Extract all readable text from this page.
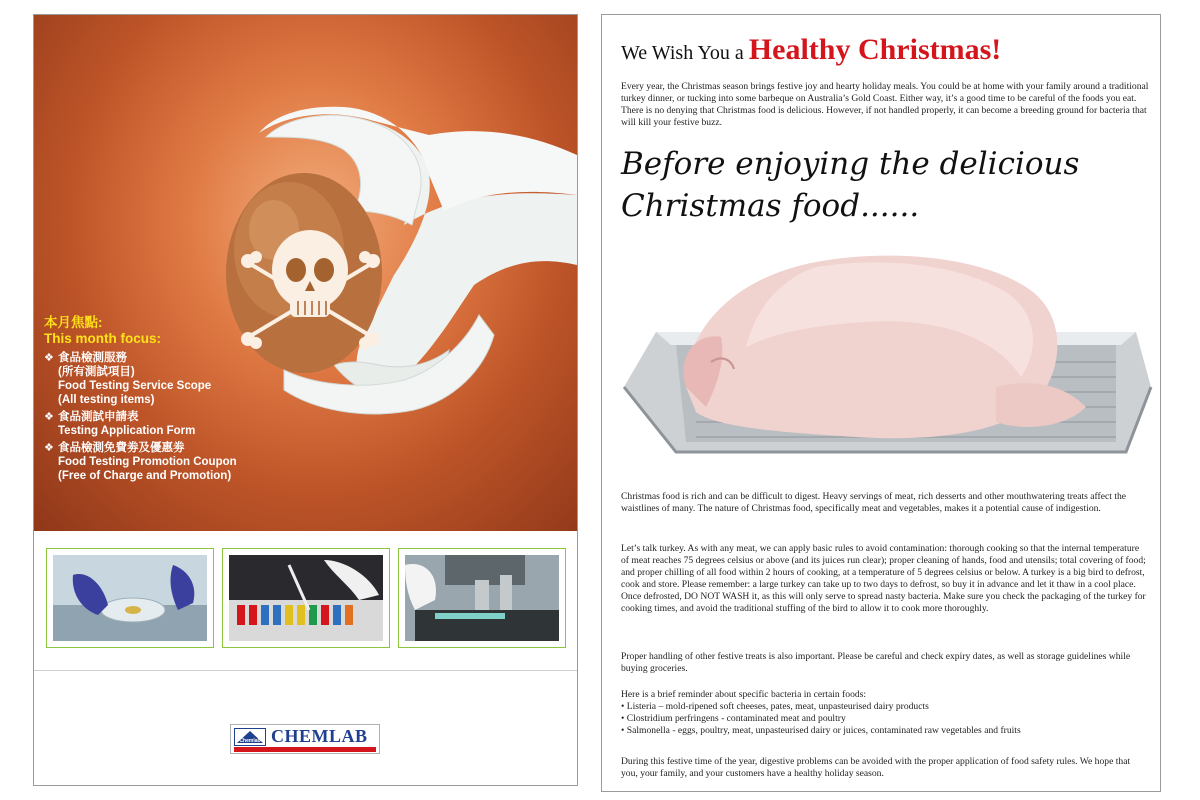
本月焦點:
This month focus:
❖ 食品檢測服務
(所有測試項目)
Food Testing Service Scope
(All testing items)
❖ 食品測試申請表
Testing Application Form
❖ 食品檢測免費劵及優惠劵
Food Testing Promotion Coupon
(Free of Charge and Promotion)
Chemlab CHEMLAB
We Wish You a Healthy Christmas!
Every year, the Christmas season brings festive joy and hearty holiday meals. You could be at home with your family around a traditional turkey dinner, or tucking into some barbeque on Australia’s Gold Coast. Either way, it’s a good time to be careful of the foods you eat. There is no denying that Christmas food is delicious. However, if not handled properly, it can become a breeding ground for bacteria that will kill your festive buzz.
Before enjoying the delicious
Christmas food......
Christmas food is rich and can be difficult to digest. Heavy servings of meat, rich desserts and other mouthwatering treats affect the waistlines of many. The nature of Christmas food, specifically meat and vegetables, makes it a potential cause of indigestion.
Let’s talk turkey. As with any meat, we can apply basic rules to avoid contamination: thorough cooking so that the internal temperature of meat reaches 75 degrees celsius or above (and its juices run clear); proper cleaning of hands, food and utensils; total covering of food; and proper chilling of all food within 2 hours of cooking, at a temperature of 5 degrees celsius or below. A turkey is a big bird to defrost, cook and store. Please remember: a large turkey can take up to two days to defrost, so buy it in advance and let it thaw in a cool place. Once defrosted, DO NOT WASH it, as this will only serve to spread nasty bacteria. Make sure you check the packaging of the turkey for cooking times, and avoid the traditional stuffing of the bird to allow it to cook more thoroughly.
Proper handling of other festive treats is also important. Please be careful and check expiry dates, as well as storage guidelines while buying groceries.
Here is a brief reminder about specific bacteria in certain foods:
• Listeria – mold-ripened soft cheeses, pates, meat, unpasteurised dairy products
• Clostridium perfringens - contaminated meat and poultry
• Salmonella - eggs, poultry, meat, unpasteurised dairy or juices, contaminated raw vegetables and fruits
During this festive time of the year, digestive problems can be avoided with the proper application of food safety rules. We hope that you, your family, and your customers have a healthy holiday season.
